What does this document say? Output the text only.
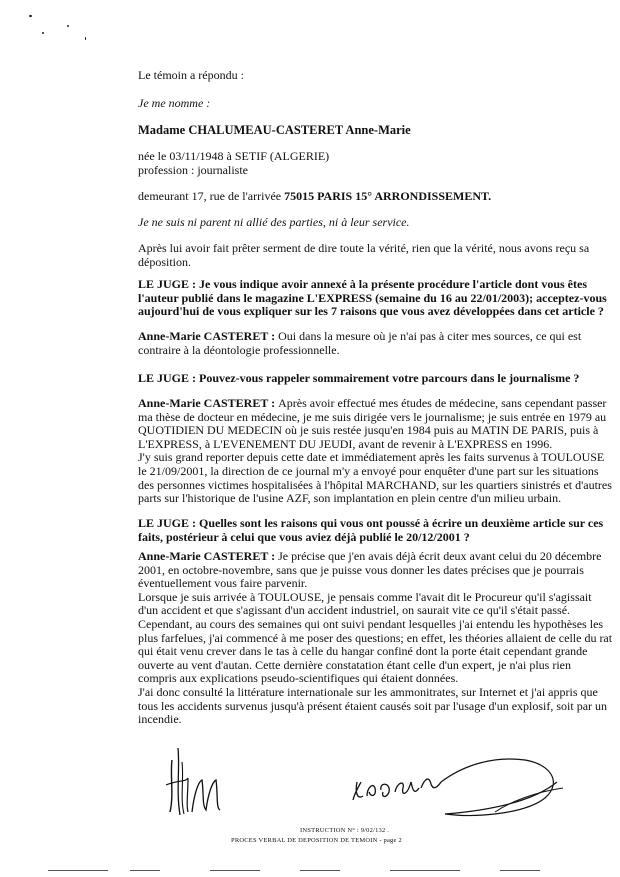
Le témoin a répondu :

Je me nomme :

Madame CHALUMEAU-CASTERET Anne-Marie

née le 03/11/1948 à SETIF (ALGERIE)

profession : journaliste

demeurant 17, rue de l'arrivée 75015 PARIS 15° ARRONDISSEMENT.

Je ne suis ni parent ni allié des parties, ni à leur service.

Après lui avoir fait prêter serment de dire toute la vérité, rien que la vérité, nous avons reçu sa
déposition.
LE JUGE : Je vous indique avoir annexé à la présente procédure l'article dont vous êtes
l'auteur publié dans le magazine L'EXPRESS (semaine du 16 au 22/01/2003); acceptez-vous
aujourd'hui de vous expliquer sur les 7 raisons que vous avez développées dans cet article ?
Anne-Marie CASTERET : Oui dans la mesure où je n'ai pas à citer mes sources, ce qui est
contraire à la déontologie professionnelle.

LE JUGE : Pouvez-vous rappeler sommairement votre parcours dans le journalisme ?

Anne-Marie CASTERET : Après avoir effectué mes études de médecine, sans cependant passer
ma thèse de docteur en médecine, je me suis dirigée vers le journalisme; je suis entrée en 1979 au
QUOTIDIEN DU MEDECIN où je suis restée jusqu'en 1984 puis au MATIN DE PARIS, puis à
L'EXPRESS, à L'EVENEMENT DU JEUDI, avant de revenir à L'EXPRESS en 1996.
J'y suis grand reporter depuis cette date et immédiatement après les faits survenus à TOULOUSE
le 21/09/2001, la direction de ce journal m'y a envoyé pour enquêter d'une part sur les situations
des personnes victimes hospitalisées à l'hôpital MARCHAND, sur les quartiers sinistrés et d'autres
parts sur l'historique de l'usine AZF, son implantation en plein centre d'un milieu urbain.
LE JUGE : Quelles sont les raisons qui vous ont poussé à écrire un deuxième article sur ces
faits, postérieur à celui que vous aviez déjà publié le 20/12/2001 ?
Anne-Marie CASTERET : Je précise que j'en avais déjà écrit deux avant celui du 20 décembre
2001, en octobre-novembre, sans que je puisse vous donner les dates précises que je pourrais
éventuellement vous faire parvenir.
Lorsque je suis arrivée à TOULOUSE, je pensais comme l'avait dit le Procureur qu'il s'agissait
d'un accident et que s'agissant d'un accident industriel, on saurait vite ce qu'il s'était passé.
Cependant, au cours des semaines qui ont suivi pendant lesquelles j'ai entendu les hypothèses les
plus farfelues, j'ai commencé à me poser des questions; en effet, les théories allaient de celle du rat
qui était venu crever dans le tas à celle du hangar confiné dont la porte était cependant grande
ouverte au vent d'autan. Cette dernière constatation étant celle d'un expert, je n'ai plus rien
compris aux explications pseudo-scientifiques qui étaient données.
J'ai donc consulté la littérature internationale sur les ammonitrates, sur Internet et j'ai appris que
tous les accidents survenus jusqu'à présent étaient causés soit par l'usage d'un explosif, soit par un
incendie.
INSTRUCTION N° : 9/02/132 .
PROCES VERBAL DE DEPOSITION DE TEMOIN - page 2
